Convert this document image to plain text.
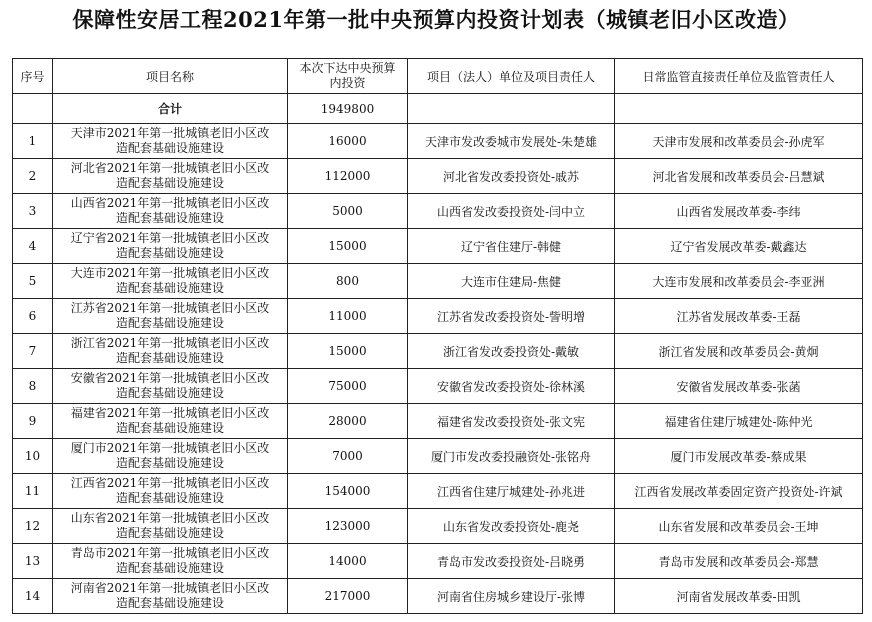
保障性安居工程2021年第一批中央预算内投资计划表（城镇老旧小区改造）
序号	项目名称	本次下达中央预算
内投资	项目（法人）单位及项目责任人	日常监管直接责任单位及监管责任人
	合计	1949800		
1	天津市2021年第一批城镇老旧小区改
造配套基础设施建设	16000	天津市发改委城市发展处-朱楚雄	天津市发展和改革委员会-孙虎军
2	河北省2021年第一批城镇老旧小区改
造配套基础设施建设	112000	河北省发改委投资处-戚苏	河北省发展和改革委员会-吕慧斌
3	山西省2021年第一批城镇老旧小区改
造配套基础设施建设	5000	山西省发改委投资处-闫中立	山西省发展改革委-李纬
4	辽宁省2021年第一批城镇老旧小区改
造配套基础设施建设	15000	辽宁省住建厅-韩健	辽宁省发展改革委-戴鑫达
5	大连市2021年第一批城镇老旧小区改
造配套基础设施建设	800	大连市住建局-焦健	大连市发展和改革委员会-李亚洲
6	江苏省2021年第一批城镇老旧小区改
造配套基础设施建设	11000	江苏省发改委投资处-訾明增	江苏省发展改革委-王磊
7	浙江省2021年第一批城镇老旧小区改
造配套基础设施建设	15000	浙江省发改委投资处-戴敏	浙江省发展和改革委员会-黄炯
8	安徽省2021年第一批城镇老旧小区改
造配套基础设施建设	75000	安徽省发改委投资处-徐林溪	安徽省发展改革委-张菡
9	福建省2021年第一批城镇老旧小区改
造配套基础设施建设	28000	福建省发改委投资处-张文宪	福建省住建厅城建处-陈仲光
10	厦门市2021年第一批城镇老旧小区改
造配套基础设施建设	7000	厦门市发改委投融资处-张铭舟	厦门市发展改革委-蔡成果
11	江西省2021年第一批城镇老旧小区改
造配套基础设施建设	154000	江西省住建厅城建处-孙兆进	江西省发展改革委固定资产投资处-许斌
12	山东省2021年第一批城镇老旧小区改
造配套基础设施建设	123000	山东省发改委投资处-鹿尧	山东省发展和改革委员会-王坤
13	青岛市2021年第一批城镇老旧小区改
造配套基础设施建设	14000	青岛市发改委投资处-吕晓勇	青岛市发展和改革委员会-郑慧
14	河南省2021年第一批城镇老旧小区改
造配套基础设施建设	217000	河南省住房城乡建设厅-张博	河南省发展改革委-田凯
